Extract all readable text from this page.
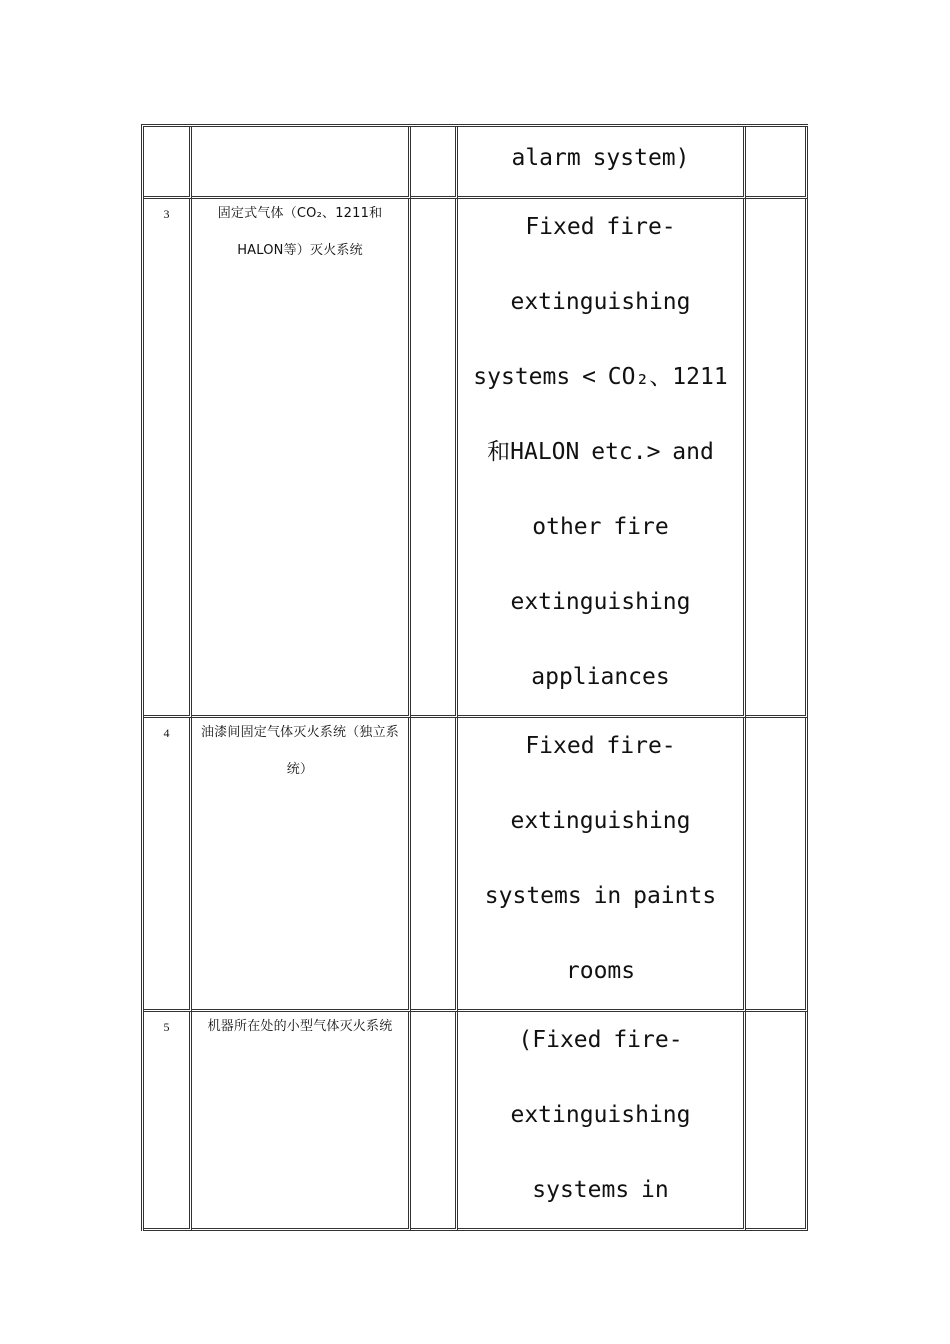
			alarm system)	

3	固定式气体（CO₂、1211和HALON等）灭火系统		Fixed fire-extinguishing systems < CO₂、1211和HALON etc.> and other fire extinguishing appliances	

4	油漆间固定气体灭火系统（独立系统）		Fixed fire-extinguishing systems in paints rooms	

5	机器所在处的小型气体灭火系统		(Fixed fire-extinguishing systems in	
